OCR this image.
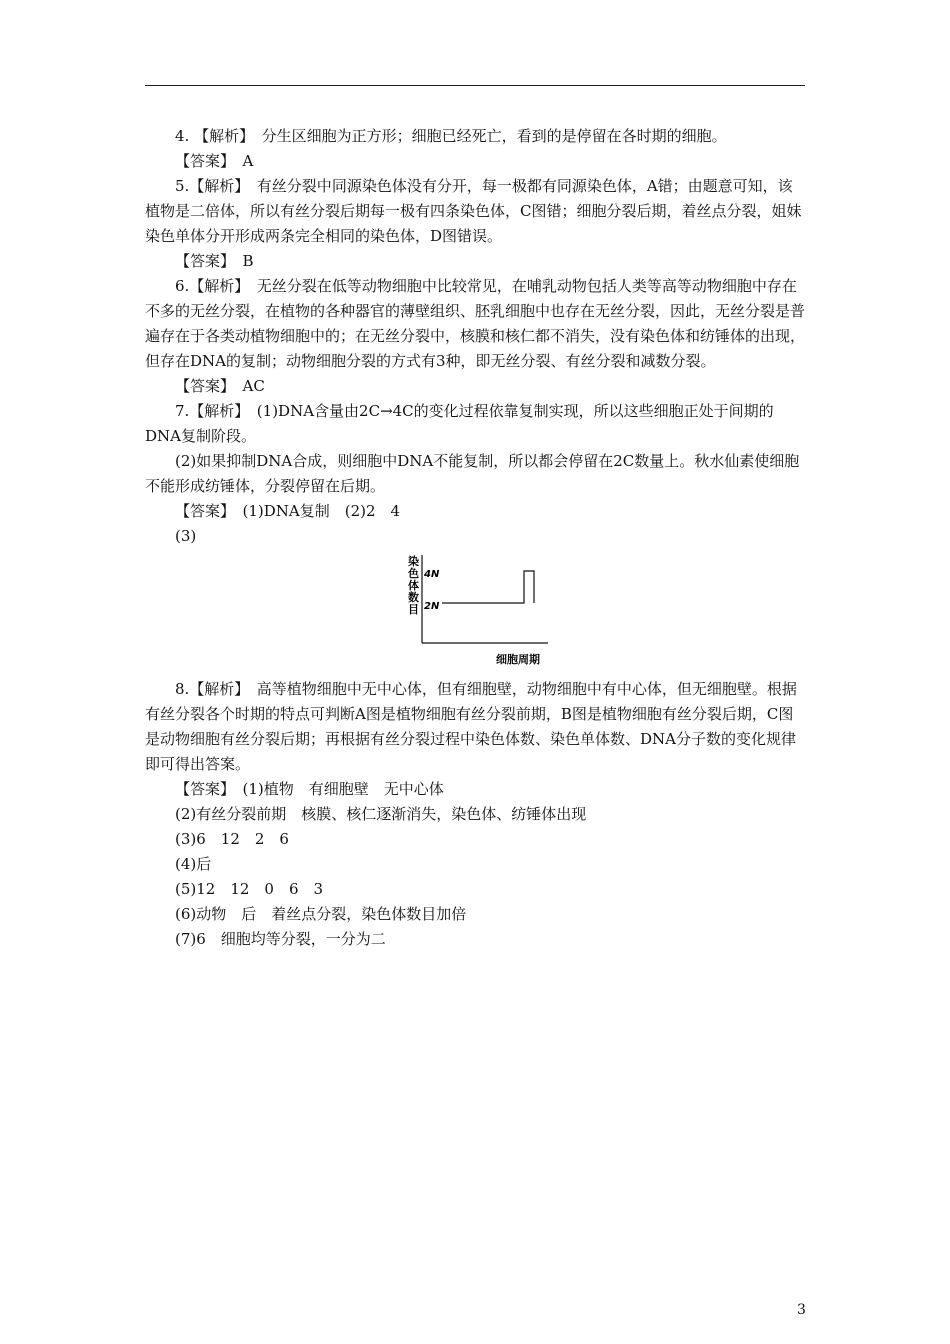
4. 【解析】　分生区细胞为正方形；细胞已经死亡，看到的是停留在各时期的细胞。

【答案】　A

5.【解析】　有丝分裂中同源染色体没有分开，每一极都有同源染色体，A错；由题意可知，该植物是二倍体，所以有丝分裂后期每一极有四条染色体，C图错；细胞分裂后期，着丝点分裂，姐妹染色单体分开形成两条完全相同的染色体，D图错误。

【答案】　B

6.【解析】　无丝分裂在低等动物细胞中比较常见，在哺乳动物包括人类等高等动物细胞中存在不多的无丝分裂，在植物的各种器官的薄壁组织、胚乳细胞中也存在无丝分裂，因此，无丝分裂是普遍存在于各类动植物细胞中的；在无丝分裂中，核膜和核仁都不消失，没有染色体和纺锤体的出现，但存在DNA的复制；动物细胞分裂的方式有3种，即无丝分裂、有丝分裂和减数分裂。

【答案】　AC

7.【解析】　(1)DNA含量由2C→4C的变化过程依靠复制实现，所以这些细胞正处于间期的DNA复制阶段。

(2)如果抑制DNA合成，则细胞中DNA不能复制，所以都会停留在2C数量上。秋水仙素使细胞不能形成纺锤体，分裂停留在后期。

【答案】　(1)DNA复制　(2)2　4

(3)

染
色
体
数
目
4N
2N
细胞周期

8.【解析】　高等植物细胞中无中心体，但有细胞壁，动物细胞中有中心体，但无细胞壁。根据有丝分裂各个时期的特点可判断A图是植物细胞有丝分裂前期，B图是植物细胞有丝分裂后期，C图是动物细胞有丝分裂后期；再根据有丝分裂过程中染色体数、染色单体数、DNA分子数的变化规律即可得出答案。

【答案】　(1)植物　有细胞壁　无中心体

(2)有丝分裂前期　核膜、核仁逐渐消失，染色体、纺锤体出现

(3)6　12　2　6

(4)后

(5)12　12　0　6　3

(6)动物　后　着丝点分裂，染色体数目加倍

(7)6　细胞均等分裂，一分为二

3
